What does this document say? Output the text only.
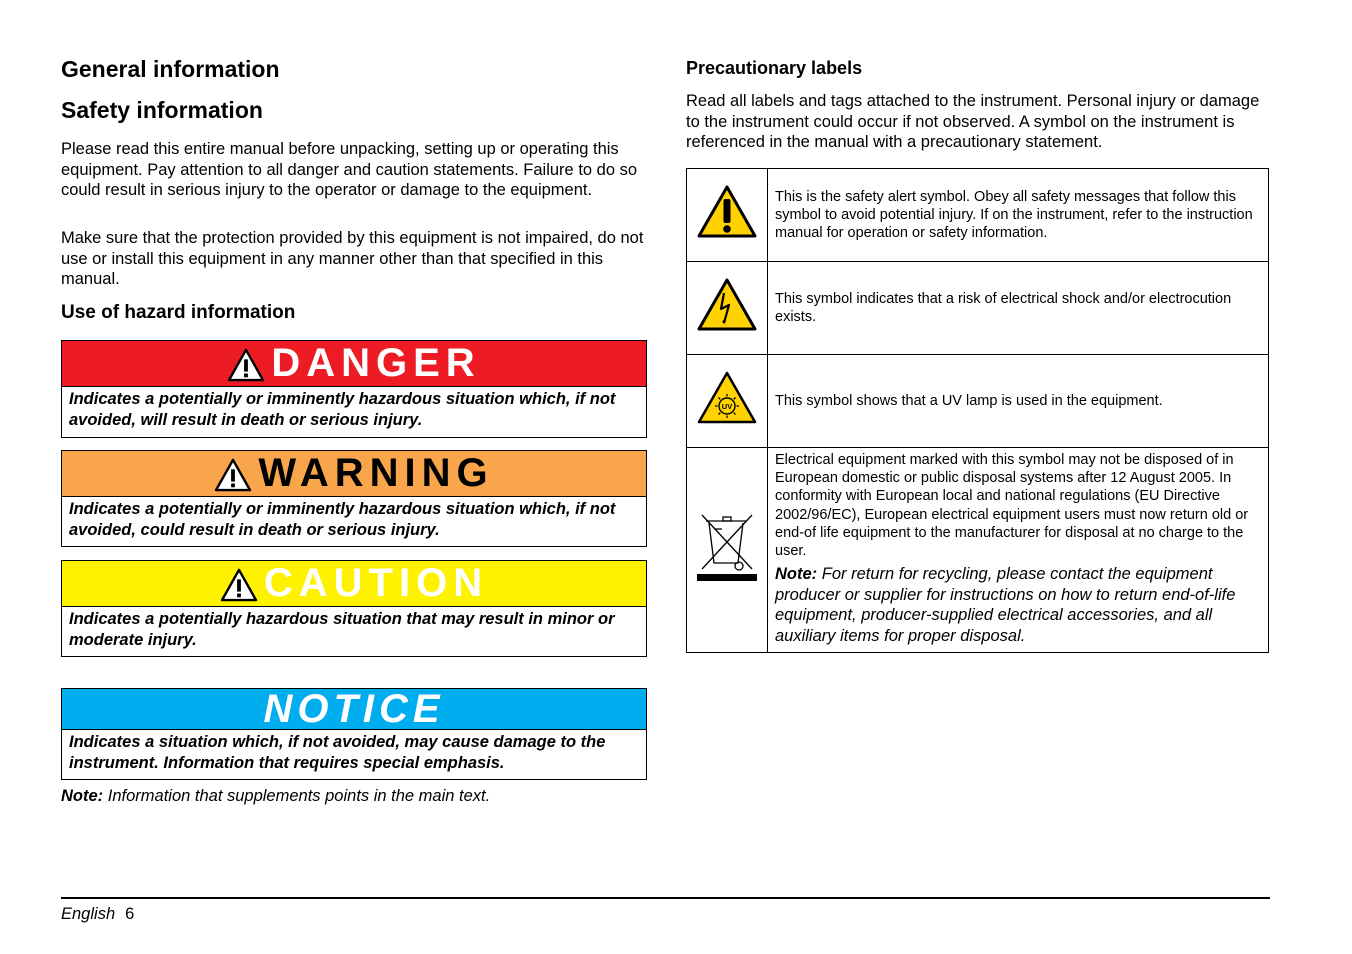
General information
Safety information

Please read this entire manual before unpacking, setting up or operating this equipment. Pay attention to all danger and caution statements. Failure to do so could result in serious injury to the operator or damage to the equipment.

Make sure that the protection provided by this equipment is not impaired, do not use or install this equipment in any manner other than that specified in this manual.

Use of hazard information
DANGER
Indicates a potentially or imminently hazardous situation which, if not avoided, will result in death or serious injury.
WARNING
Indicates a potentially or imminently hazardous situation which, if not avoided, could result in death or serious injury.
CAUTION
Indicates a potentially hazardous situation that may result in minor or moderate injury.
NOTICE
Indicates a situation which, if not avoided, may cause damage to the instrument. Information that requires special emphasis.

Note: Information that supplements points in the main text.

Precautionary labels

Read all labels and tags attached to the instrument. Personal injury or damage to the instrument could occur if not observed. A symbol on the instrument is referenced in the manual with a precautionary statement.

	This is the safety alert symbol. Obey all safety messages that follow this symbol to avoid potential injury. If on the instrument, refer to the instruction manual for operation or safety information.
	This symbol indicates that a risk of electrical shock and/or electrocution exists.

UV	This symbol shows that a UV lamp is used in the equipment.

Electrical equipment marked with this symbol may not be disposed of in European domestic or public disposal systems after 12 August 2005. In conformity with European local and national regulations (EU Directive 2002/96/EC), European electrical equipment users must now return old or end-of life equipment to the manufacturer for disposal at no charge to the user.
Note: For return for recycling, please contact the equipment producer or supplier for instructions on how to return end-of-life equipment, producer-supplied electrical accessories, and all auxiliary items for proper disposal.
English 6
